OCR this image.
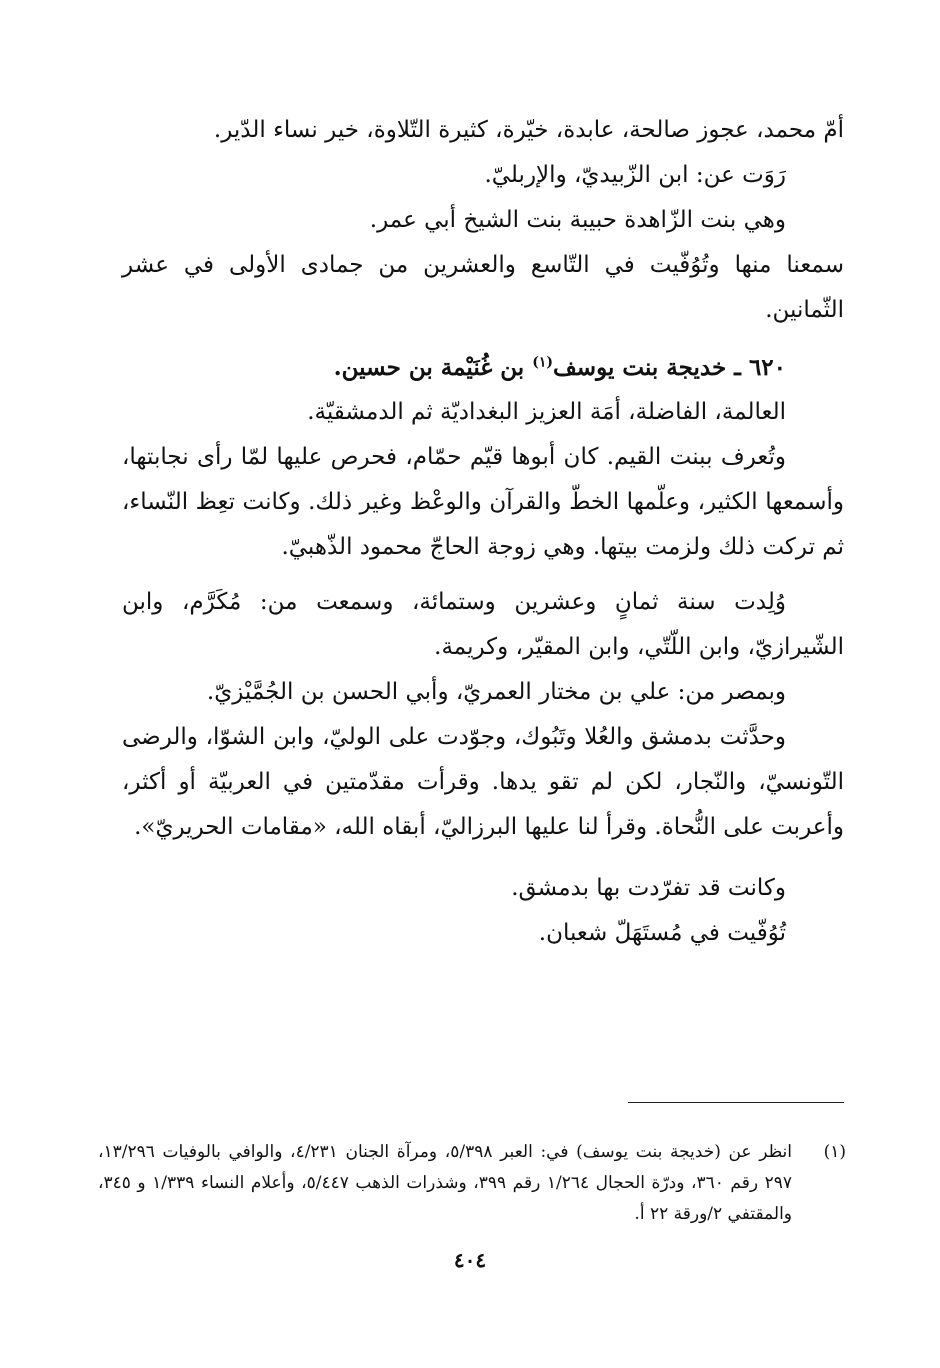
أمّ محمد، عجوز صالحة، عابدة، خيّرة، كثيرة التّلاوة، خير نساء الدّير.

رَوَت عن: ابن الزّبيديّ، والإربليّ.

وهي بنت الزّاهدة حبيبة بنت الشيخ أبي عمر.

سمعنا منها وتُوُفّيت في التّاسع والعشرين من جمادى الأولى في عشر الثّمانين.

٦٢٠ ـ خديجة بنت يوسف$^{(١)}$ بن غُنَيْمة بن حسين.

العالمة، الفاضلة، أمَة العزيز البغداديّة ثم الدمشقيّة.

وتُعرف ببنت القيم. كان أبوها قيّم حمّام، فحرص عليها لمّا رأى نجابتها، وأسمعها الكثير، وعلّمها الخطّ والقرآن والوعْظ وغير ذلك. وكانت تعِظ النّساء، ثم تركت ذلك ولزمت بيتها. وهي زوجة الحاجّ محمود الذّهبيّ.

وُلِدت سنة ثمانٍ وعشرين وستمائة، وسمعت من: مُكَرَّم، وابن الشّيرازيّ، وابن اللّتّي، وابن المقيّر، وكريمة.

وبمصر من: علي بن مختار العمريّ، وأبي الحسن بن الجُمَّيْزيّ.

وحدَّثت بدمشق والعُلا وتَبُوك، وجوّدت على الوليّ، وابن الشوّا، والرضى التّونسيّ، والنّجار، لكن لم تقو يدها. وقرأت مقدّمتين في العربيّة أو أكثر، وأعربت على النُّحاة. وقرأ لنا عليها البرزاليّ، أبقاه الله، «مقامات الحريريّ».

وكانت قد تفرّدت بها بدمشق.

تُوُفّيت في مُستَهَلّ شعبان.

(١)
انظر عن (خديجة بنت يوسف) في: العبر ٥/٣٩٨، ومرآة الجنان ٤/٢٣١، والوافي بالوفيات ١٣/٢٩٦، ٢٩٧ رقم ٣٦٠، ودرّة الحجال ١/٢٦٤ رقم ٣٩٩، وشذرات الذهب ٥/٤٤٧، وأعلام النساء ١/٣٣٩ و ٣٤٥، والمقتفي ٢/ورقة ٢٢ أ.
٤٠٤
